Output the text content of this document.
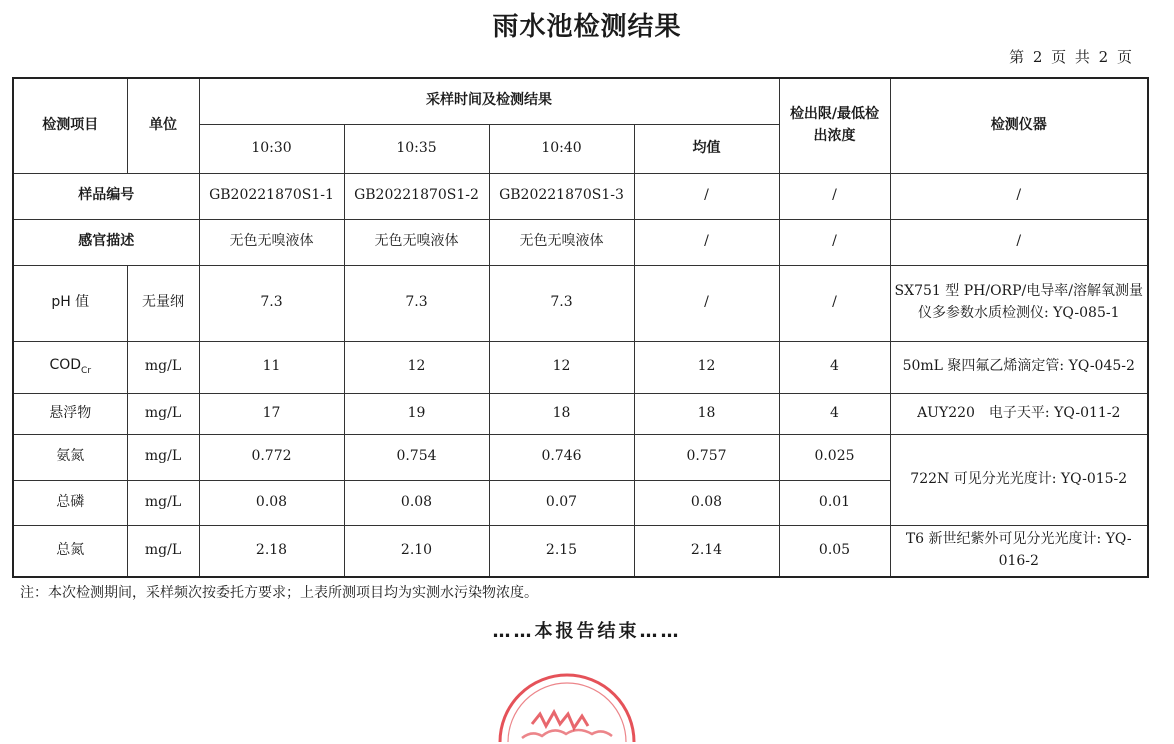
雨水池检测结果
第 2 页 共 2 页
检测项目	单位	采样时间及检测结果				检出限/最低检出浓度	检测仪器
		10:30	10:35	10:40	均值		
样品编号		GB20221870S1-1	GB20221870S1-2	GB20221870S1-3	/	/	/
感官描述		无色无嗅液体	无色无嗅液体	无色无嗅液体	/	/	/
pH 值	无量纲	7.3	7.3	7.3	/	/	SX751 型 PH/ORP/电导率/溶解氧测量仪多参数水质检测仪: YQ-085-1
$COD_{Cr}$	mg/L	11	12	12	12	4	50mL 聚四氟乙烯滴定管: YQ-045-2
悬浮物	mg/L	17	19	18	18	4	AUY220　电子天平: YQ-011-2
氨氮	mg/L	0.772	0.754	0.746	0.757	0.025	722N 可见分光光度计: YQ-015-2
总磷	mg/L	0.08	0.08	0.07	0.08	0.01	
总氮	mg/L	2.18	2.10	2.15	2.14	0.05	T6 新世纪紫外可见分光光度计: YQ-016-2
注：本次检测期间，采样频次按委托方要求；上表所测项目均为实测水污染物浓度。
……本报告结束……
